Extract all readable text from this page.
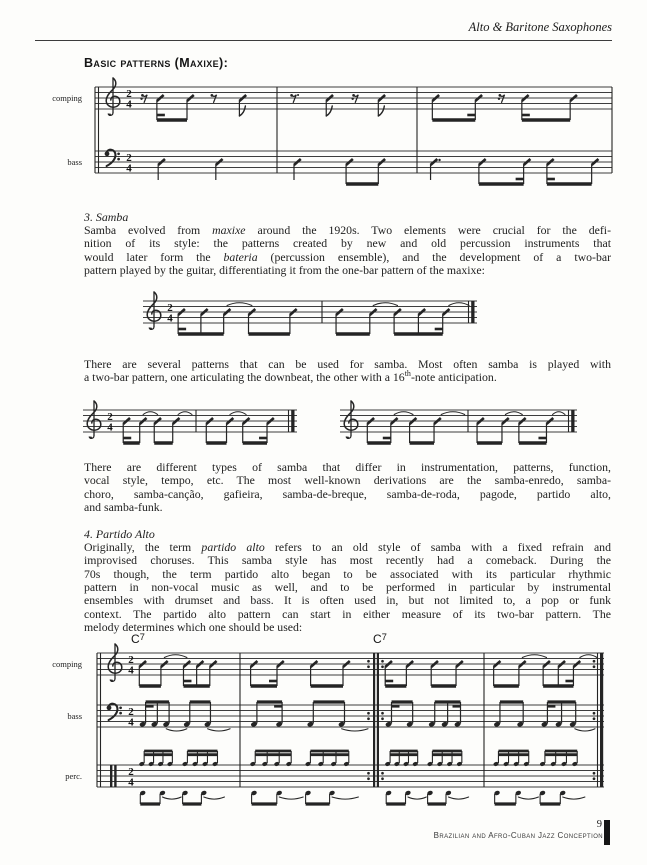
Alto & Baritone Saxophones
Basic patterns (Maxixe):
2
4
2
4
2
4
2
4
2
4
2
4
2
4
comping
bass
3. Samba
Samba evolved from maxixe around the 1920s. Two elements were crucial for the defi-
nition of its style: the patterns created by new and old percussion instruments that
would later form the bateria (percussion ensemble), and the development of a two-bar
pattern played by the guitar, differentiating it from the one-bar pattern of the maxixe:
There are several patterns that can be used for samba. Most often samba is played with
a two-bar pattern, one articulating the downbeat, the other with a 16th-note anticipation.
There are different types of samba that differ in instrumentation, patterns, function,
vocal style, tempo, etc. The most well-known derivations are the samba-enredo, samba-
choro, samba-canção, gafieira, samba-de-breque, samba-de-roda, pagode, partido alto,
and samba-funk.
4. Partido Alto
Originally, the term partido alto refers to an old style of samba with a fixed refrain and
improvised choruses. This samba style has most recently had a comeback. During the
70s though, the term partido alto began to be associated with its particular rhythmic
pattern in non-vocal music as well, and to be performed in particular by instrumental
ensembles with drumset and bass. It is often used in, but not limited to, a pop or funk
context. The partido alto pattern can start in either measure of its two-bar pattern. The
melody determines which one should be used:
$C^7$	$C^7$
comping
bass
perc.
9
Brazilian and Afro-Cuban Jazz Conception
